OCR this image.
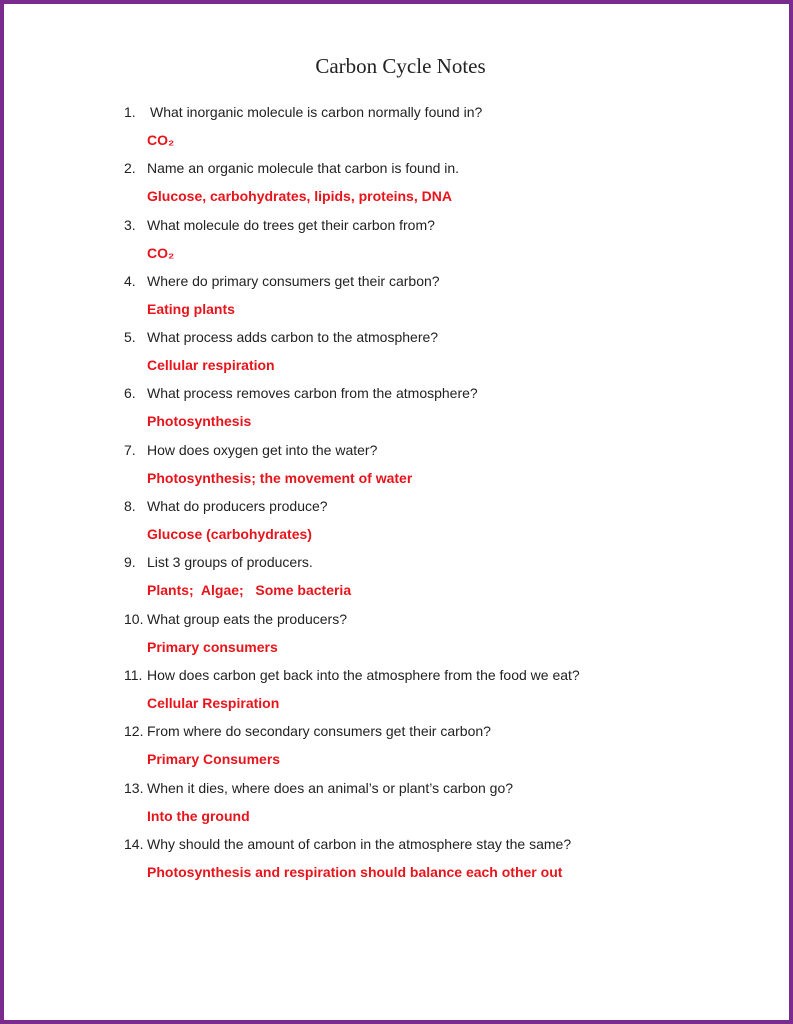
Carbon Cycle Notes
1. What inorganic molecule is carbon normally found in?
CO₂
2. Name an organic molecule that carbon is found in.
Glucose, carbohydrates, lipids, proteins, DNA
3. What molecule do trees get their carbon from?
CO₂
4. Where do primary consumers get their carbon?
Eating plants
5. What process adds carbon to the atmosphere?
Cellular respiration
6. What process removes carbon from the atmosphere?
Photosynthesis
7. How does oxygen get into the water?
Photosynthesis; the movement of water
8. What do producers produce?
Glucose (carbohydrates)
9. List 3 groups of producers.
Plants;  Algae;   Some bacteria
10. What group eats the producers?
Primary consumers
11. How does carbon get back into the atmosphere from the food we eat?
Cellular Respiration
12. From where do secondary consumers get their carbon?
Primary Consumers
13. When it dies, where does an animal’s or plant’s carbon go?
Into the ground
14. Why should the amount of carbon in the atmosphere stay the same?
Photosynthesis and respiration should balance each other out
